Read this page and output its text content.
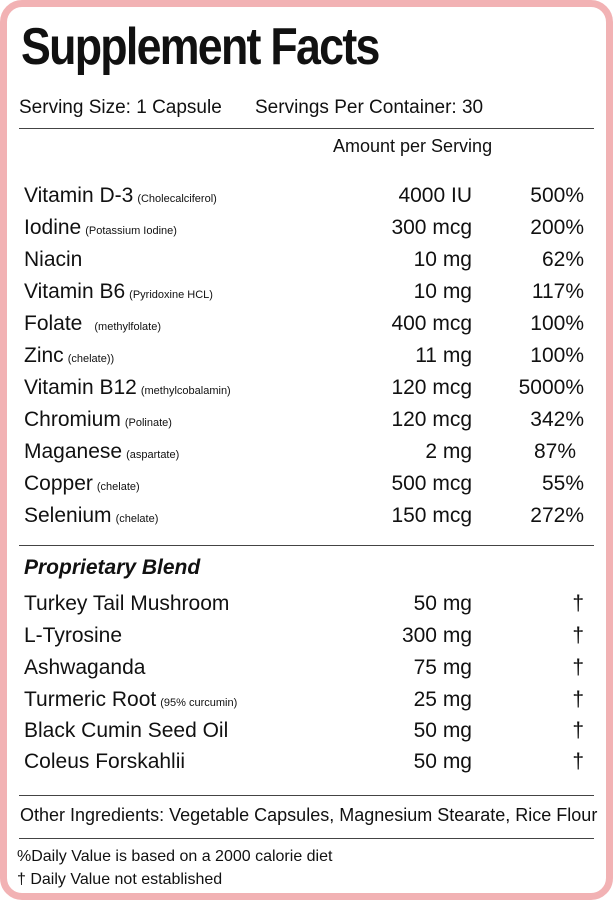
Supplement Facts
Serving Size: 1 Capsule Servings Per Container: 30
Amount per Serving
Vitamin D-3 (Cholecalciferol)	4000 IU	500%
Iodine (Potassium Iodine)	300 mcg	200%
Niacin	10 mg	62%
Vitamin B6 (Pyridoxine HCL)	10 mg	117%
Folate (methylfolate)	400 mcg	100%
Zinc (chelate))	11 mg	100%
Vitamin B12 (methylcobalamin)	120 mcg 5000%
Chromium (Polinate)	120 mcg	342%
Maganese (aspartate)	2 mg	87%
Copper (chelate)	500 mcg	55%
Selenium (chelate)	150 mcg	272%
Proprietary Blend
Turkey Tail Mushroom	50 mg	†
L-Tyrosine	300 mg	†
Ashwaganda	75 mg	†
Turmeric Root (95% curcumin)	25 mg	†
Black Cumin Seed Oil	50 mg	†
Coleus Forskahlii	50 mg	†
Other Ingredients: Vegetable Capsules, Magnesium Stearate, Rice Flour
%Daily Value is based on a 2000 calorie diet
† Daily Value not established
